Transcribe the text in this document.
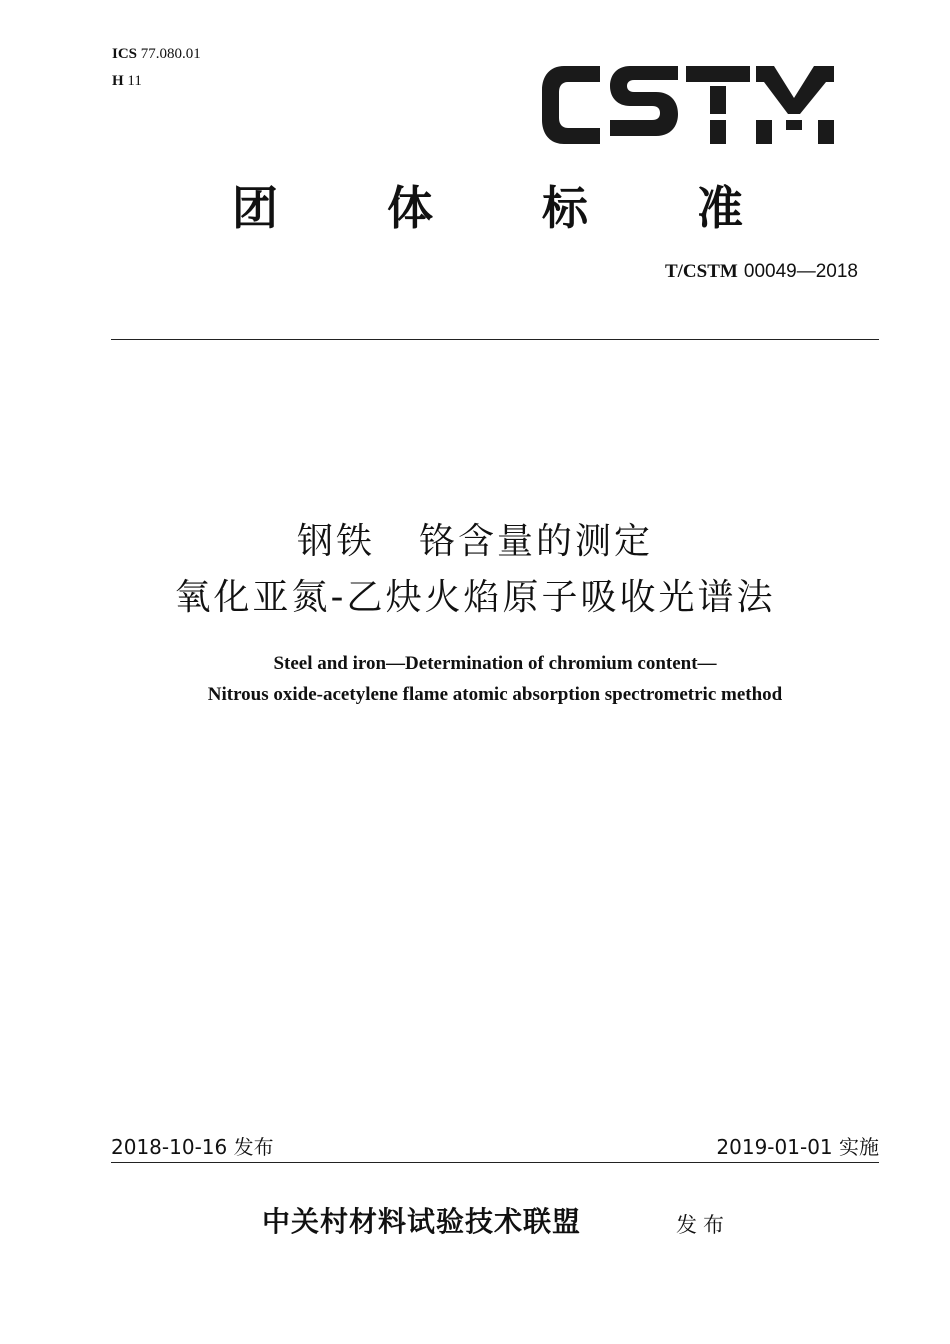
ICS 77.080.01
H 11
团 体 标 准
T/CSTM 00049—2018
钢铁 铬含量的测定
氧化亚氮-乙炔火焰原子吸收光谱法
Steel and iron—Determination of chromium content—
Nitrous oxide-acetylene flame atomic absorption spectrometric method
2018-10-16 发布	2019-01-01 实施
中关村材料试验技术联盟	发布
